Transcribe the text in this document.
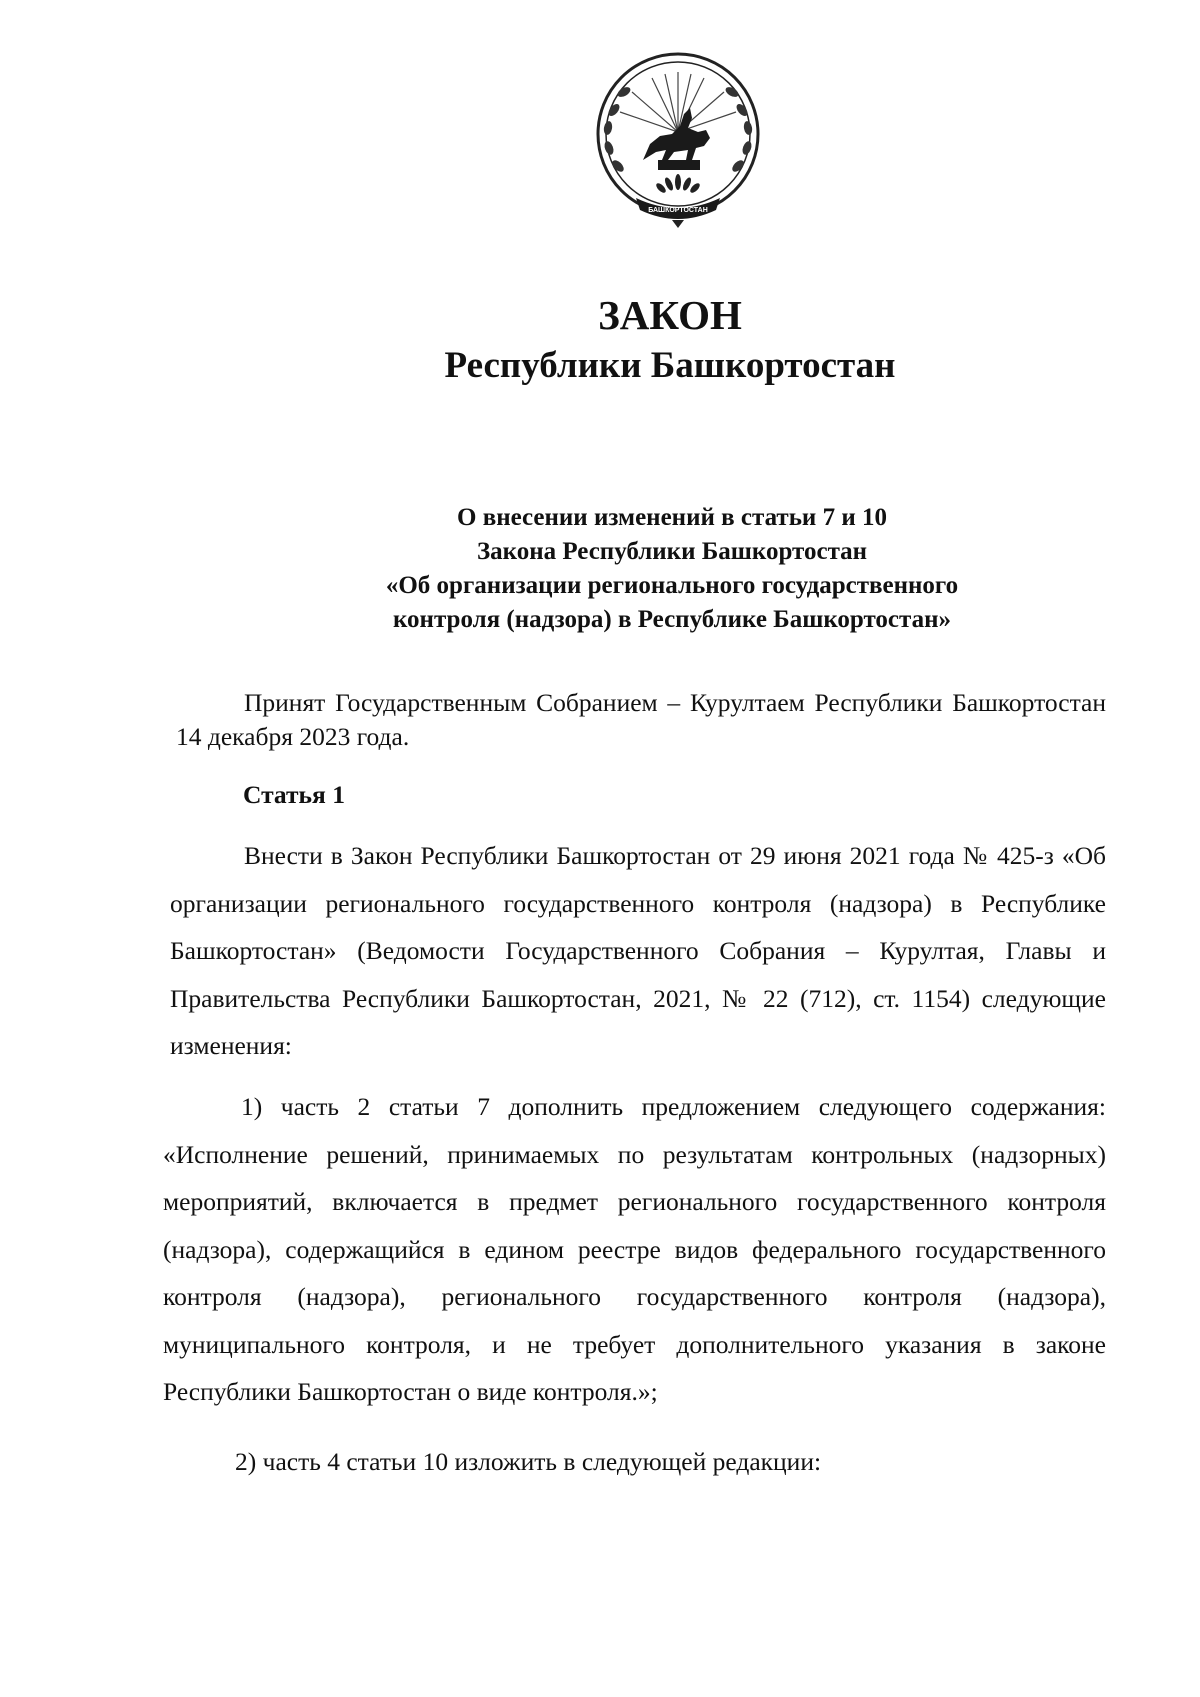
БАШКОРТОСТАН
ЗАКОН
Республики Башкортостан
О внесении изменений в статьи 7 и 10
Закона Республики Башкортостан
«Об организации регионального государственного
контроля (надзора) в Республике Башкортостан»
Принят Государственным Собранием – Курултаем Республики Башкортостан 14 декабря 2023 года.
Статья 1
Внести в Закон Республики Башкортостан от 29 июня 2021 года № 425-з «Об организации регионального государственного контроля (надзора) в Республике Башкортостан» (Ведомости Государственного Собрания – Курултая, Главы и Правительства Республики Башкортостан, 2021, № 22 (712), ст. 1154) следующие изменения:
1) часть 2 статьи 7 дополнить предложением следующего содержания: «Исполнение решений, принимаемых по результатам контрольных (надзорных) мероприятий, включается в предмет регионального государственного контроля (надзора), содержащийся в едином реестре видов федерального государственного контроля (надзора), регионального государственного контроля (надзора), муниципального контроля, и не требует дополнительного указания в законе Республики Башкортостан о виде контроля.»;
2) часть 4 статьи 10 изложить в следующей редакции:
